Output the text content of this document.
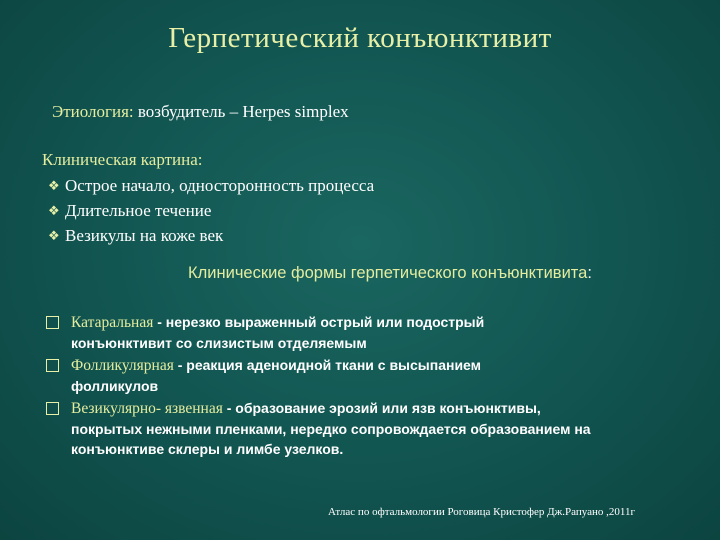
Герпетический конъюнктивит
Этиология: возбудитель – Herpes simplex
Клиническая картина:
❖ Острое начало, односторонность процесса
❖ Длительное течение
❖ Везикулы на коже век
Клинические формы герпетического конъюнктивита:
Катаральная - нерезко выраженный острый или подострый
конъюнктивит со слизистым отделяемым
Фолликулярная - реакция аденоидной ткани с высыпанием
фолликулов
Везикулярно- язвенная - образование эрозий или язв конъюнктивы,
покрытых нежными пленками, нередко сопровождается образованием на
конъюнктиве склеры и лимбе узелков.
Атлас по офтальмологии Роговица Кристофер Дж.Рапуано ,2011г
